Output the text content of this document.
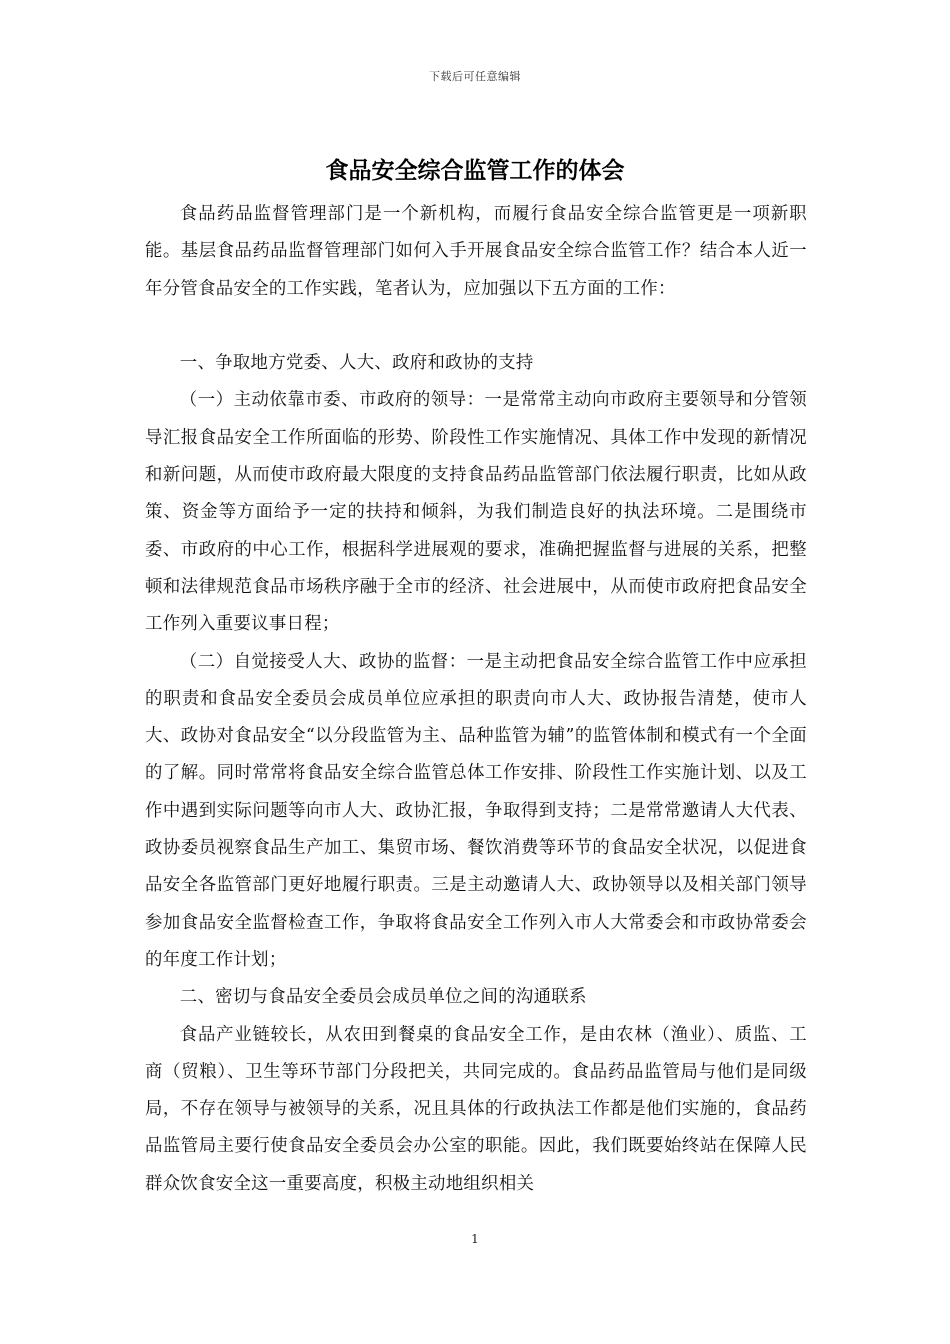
下载后可任意编辑
食品安全综合监管工作的体会

食品药品监督管理部门是一个新机构，而履行食品安全综合监管更是一项新职能。基层食品药品监督管理部门如何入手开展食品安全综合监管工作？结合本人近一年分管食品安全的工作实践，笔者认为，应加强以下五方面的工作：

一、争取地方党委、人大、政府和政协的支持

（一）主动依靠市委、市政府的领导：一是常常主动向市政府主要领导和分管领导汇报食品安全工作所面临的形势、阶段性工作实施情况、具体工作中发现的新情况和新问题，从而使市政府最大限度的支持食品药品监管部门依法履行职责，比如从政策、资金等方面给予一定的扶持和倾斜，为我们制造良好的执法环境。二是围绕市委、市政府的中心工作，根据科学进展观的要求，准确把握监督与进展的关系，把整顿和法律规范食品市场秩序融于全市的经济、社会进展中，从而使市政府把食品安全工作列入重要议事日程；

（二）自觉接受人大、政协的监督：一是主动把食品安全综合监管工作中应承担的职责和食品安全委员会成员单位应承担的职责向市人大、政协报告清楚，使市人大、政协对食品安全“以分段监管为主、品种监管为辅”的监管体制和模式有一个全面的了解。同时常常将食品安全综合监管总体工作安排、阶段性工作实施计划、以及工作中遇到实际问题等向市人大、政协汇报，争取得到支持；二是常常邀请人大代表、政协委员视察食品生产加工、集贸市场、餐饮消费等环节的食品安全状况，以促进食品安全各监管部门更好地履行职责。三是主动邀请人大、政协领导以及相关部门领导参加食品安全监督检查工作，争取将食品安全工作列入市人大常委会和市政协常委会的年度工作计划；

二、密切与食品安全委员会成员单位之间的沟通联系

食品产业链较长，从农田到餐桌的食品安全工作，是由农林（渔业）、质监、工商（贸粮）、卫生等环节部门分段把关，共同完成的。食品药品监管局与他们是同级局，不存在领导与被领导的关系，况且具体的行政执法工作都是他们实施的，食品药品监管局主要行使食品安全委员会办公室的职能。因此，我们既要始终站在保障人民群众饮食安全这一重要高度，积极主动地组织相关

1
